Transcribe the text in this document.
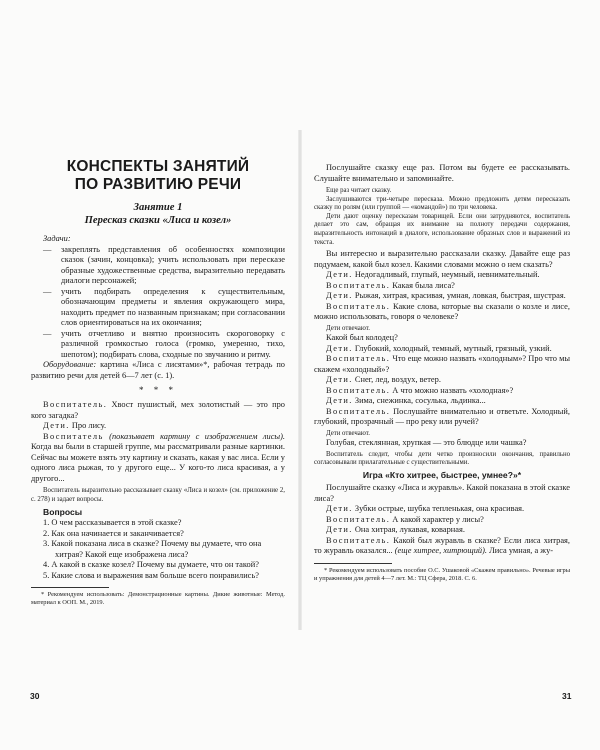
КОНСПЕКТЫ ЗАНЯТИЙ
ПО РАЗВИТИЮ РЕЧИ
Занятие 1
Пересказ сказки «Лиса и козел»
Задачи:
— закреплять представления об особенностях композиции сказок (зачин, концовка); учить использовать при пересказе образные художественные средства, выразительно передавать диалоги персонажей;
— учить подбирать определения к существительным, обозначающим предметы и явления окружающего мира, находить предмет по названным признакам; при согласовании слов ориентироваться на их окончания;
— учить отчетливо и внятно произносить скороговорку с различной громкостью голоса (громко, умеренно, тихо, шепотом); подбирать слова, сходные по звучанию и ритму.

Оборудование: картина «Лиса с лисятами»*, рабочая тетрадь по развитию речи для детей 6—7 лет (с. 1).

* * *

Воспитатель. Хвост пушистый, мех золотистый — это про кого загадка?

Дети. Про лису.

Воспитатель (показывает картину с изображением лисы). Когда вы были в старшей группе, мы рассматривали разные картинки. Сейчас вы можете взять эту картину и сказать, какая у вас лиса. Если у одного лиса рыжая, то у другого еще... У кого-то лиса красивая, а у другого...

Воспитатель выразительно рассказывает сказку «Лиса и козел» (см. приложение 2, с. 278) и задает вопросы.

Вопросы
1. О чем рассказывается в этой сказке?
2. Как она начинается и заканчивается?
3. Какой показана лиса в сказке? Почему вы думаете, что она хитрая? Какой еще изображена лиса?
4. А какой в сказке козел? Почему вы думаете, что он такой?
5. Какие слова и выражения вам больше всего понравились?

* Рекомендуем использовать: Демонстрационные картины. Дикие животные: Метод. материал к ООП. М., 2019.

30

Послушайте сказку еще раз. Потом вы будете ее рассказывать. Слушайте внимательно и запоминайте.

Еще раз читает сказку.

Заслушиваются три-четыре пересказа. Можно предложить детям пересказать сказку по ролям (или группой — «командой») по три человека.

Дети дают оценку пересказам товарищей. Если они затрудняются, воспитатель делает это сам, обращая их внимание на полноту передачи содержания, выразительность интонаций в диалоге, использование образных слов и выражений из текста.

Вы интересно и выразительно рассказали сказку. Давайте еще раз подумаем, какой был козел. Какими словами можно о нем сказать?

Дети. Недогадливый, глупый, неумный, невнимательный.

Воспитатель. Какая была лиса?

Дети. Рыжая, хитрая, красивая, умная, ловкая, быстрая, шустрая.

Воспитатель. Какие слова, которые вы сказали о козле и лисе, можно использовать, говоря о человеке?

Дети отвечают.

Какой был колодец?

Дети. Глубокий, холодный, темный, мутный, грязный, узкий.

Воспитатель. Что еще можно назвать «холодным»? Про что мы скажем «холодный»?

Дети. Снег, лед, воздух, ветер.

Воспитатель. А что можно назвать «холодная»?

Дети. Зима, снежинка, сосулька, льдинка...

Воспитатель. Послушайте внимательно и ответьте. Холодный, глубокий, прозрачный — про реку или ручей?

Дети отвечают.

Голубая, стеклянная, хрупкая — это блюдце или чашка?

Воспитатель следит, чтобы дети четко произносили окончания, правильно согласовывали прилагательные с существительными.

Игра «Кто хитрее, быстрее, умнее?»*

Послушайте сказку «Лиса и журавль». Какой показана в этой сказке лиса?

Дети. Зубки острые, шубка тепленькая, она красивая.

Воспитатель. А какой характер у лисы?

Дети. Она хитрая, лукавая, коварная.

Воспитатель. Какой был журавль в сказке? Если лиса хитрая, то журавль оказался... (еще хитрее, хитрющий). Лиса умная, а жу-

* Рекомендуем использовать пособие О.С. Ушаковой «Скажем правильно». Речевые игры и упражнения для детей 4—7 лет. М.: ТЦ Сфера, 2018. С. 6.

31
